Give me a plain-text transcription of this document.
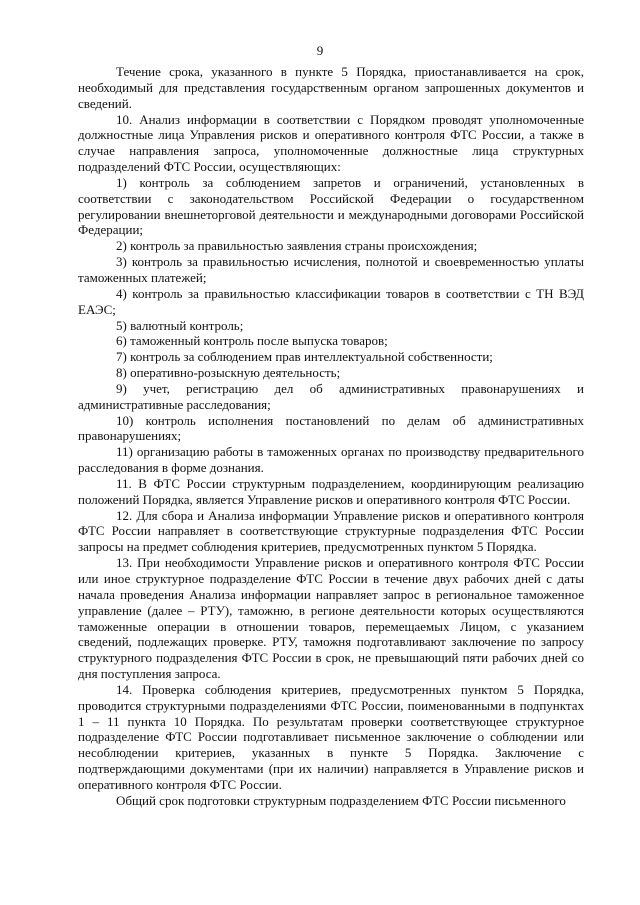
9

Течение срока, указанного в пункте 5 Порядка, приостанавливается на срок, необходимый для представления государственным органом запрошенных документов и сведений.

10. Анализ информации в соответствии с Порядком проводят уполномоченные должностные лица Управления рисков и оперативного контроля ФТС России, а также в случае направления запроса, уполномоченные должностные лица структурных подразделений ФТС России, осуществляющих:

1) контроль за соблюдением запретов и ограничений, установленных в соответствии с законодательством Российской Федерации о государственном регулировании внешнеторговой деятельности и международными договорами Российской Федерации;

2) контроль за правильностью заявления страны происхождения;

3) контроль за правильностью исчисления, полнотой и своевременностью уплаты таможенных платежей;

4) контроль за правильностью классификации товаров в соответствии с ТН ВЭД ЕАЭС;

5) валютный контроль;

6) таможенный контроль после выпуска товаров;

7) контроль за соблюдением прав интеллектуальной собственности;

8) оперативно-розыскную деятельность;

9) учет, регистрацию дел об административных правонарушениях и административные расследования;

10) контроль исполнения постановлений по делам об административных правонарушениях;

11) организацию работы в таможенных органах по производству предварительного расследования в форме дознания.

11. В ФТС России структурным подразделением, координирующим реализацию положений Порядка, является Управление рисков и оперативного контроля ФТС России.

12. Для сбора и Анализа информации Управление рисков и оперативного контроля ФТС России направляет в соответствующие структурные подразделения ФТС России запросы на предмет соблюдения критериев, предусмотренных пунктом 5 Порядка.

13. При необходимости Управление рисков и оперативного контроля ФТС России или иное структурное подразделение ФТС России в течение двух рабочих дней с даты начала проведения Анализа информации направляет запрос в региональное таможенное управление (далее – РТУ), таможню, в регионе деятельности которых осуществляются таможенные операции в отношении товаров, перемещаемых Лицом, с указанием сведений, подлежащих проверке. РТУ, таможня подготавливают заключение по запросу структурного подразделения ФТС России в срок, не превышающий пяти рабочих дней со дня поступления запроса.

14. Проверка соблюдения критериев, предусмотренных пунктом 5 Порядка, проводится структурными подразделениями ФТС России, поименованными в подпунктах 1 – 11 пункта 10 Порядка. По результатам проверки соответствующее структурное подразделение ФТС России подготавливает письменное заключение о соблюдении или несоблюдении критериев, указанных в пункте 5 Порядка. Заключение с подтверждающими документами (при их наличии) направляется в Управление рисков и оперативного контроля ФТС России.

Общий срок подготовки структурным подразделением ФТС России письменного
